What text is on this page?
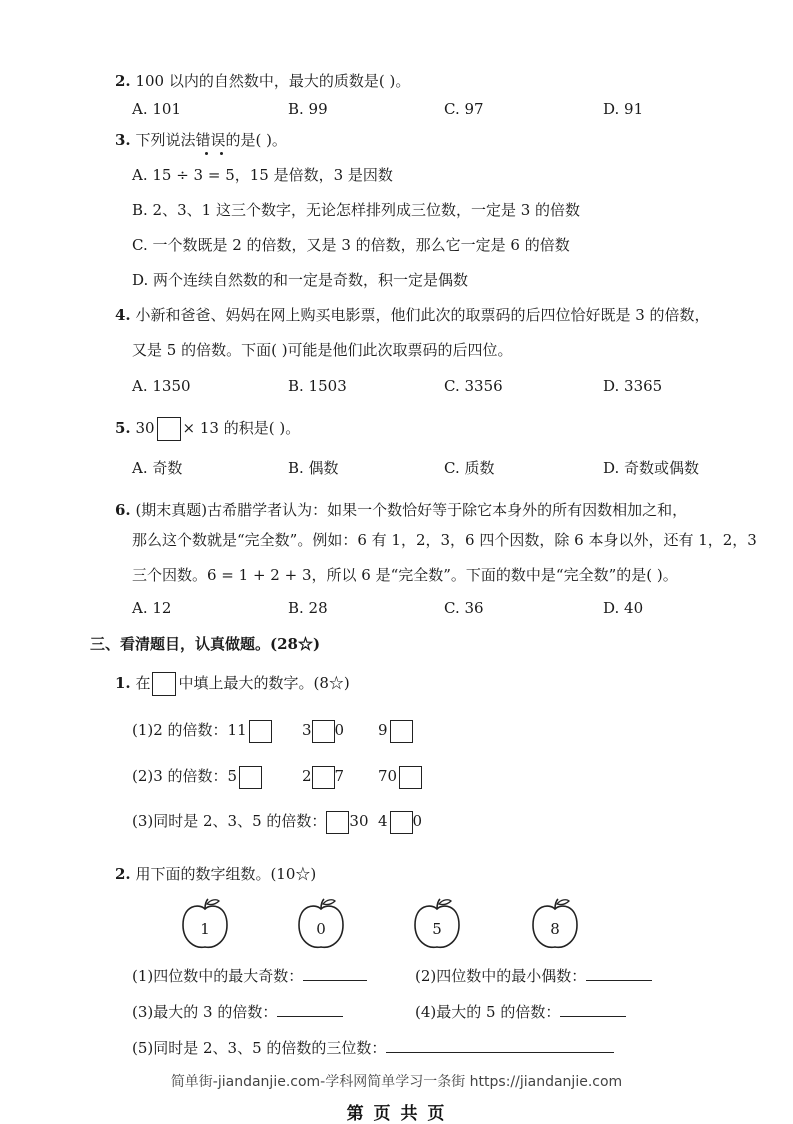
2. 100 以内的自然数中，最大的质数是( )。
A. 101	B. 99	C. 97	D. 91
3. 下列说法错误的是( )。
A. 15 ÷ 3 = 5，15 是倍数，3 是因数
B. 2、3、1 这三个数字，无论怎样排列成三位数，一定是 3 的倍数
C. 一个数既是 2 的倍数，又是 3 的倍数，那么它一定是 6 的倍数
D. 两个连续自然数的和一定是奇数，积一定是偶数
4. 小新和爸爸、妈妈在网上购买电影票，他们此次的取票码的后四位恰好既是 3 的倍数，
又是 5 的倍数。下面( )可能是他们此次取票码的后四位。
A. 1350	B. 1503	C. 3356	D. 3365
5. 30 × 13 的积是( )。
A. 奇数	B. 偶数	C. 质数	D. 奇数或偶数
6. (期末真题)古希腊学者认为：如果一个数恰好等于除它本身外的所有因数相加之和，
那么这个数就是“完全数”。例如：6 有 1，2，3，6 四个因数，除 6 本身以外，还有 1，2，3
三个因数。6 = 1 + 2 + 3，所以 6 是“完全数”。下面的数中是“完全数”的是( )。
A. 12	B. 28	C. 36	D. 40
三、看清题目，认真做题。(28☆)
1. 在 中填上最大的数字。(8☆)
(1)2 的倍数：11	3 0 9
(2)3 的倍数：5	2 7 70
(3)同时是 2、3、5 的倍数： 30 4 0
2. 用下面的数字组数。(10☆)
1	0	5	8
(1)四位数中的最大奇数：	(2)四位数中的最小偶数：
(3)最大的 3 的倍数：	(4)最大的 5 的倍数：
(5)同时是 2、3、5 的倍数的三位数：
简单街-jiandanjie.com-学科网简单学习一条街 https://jiandanjie.com
第 页 共 页
